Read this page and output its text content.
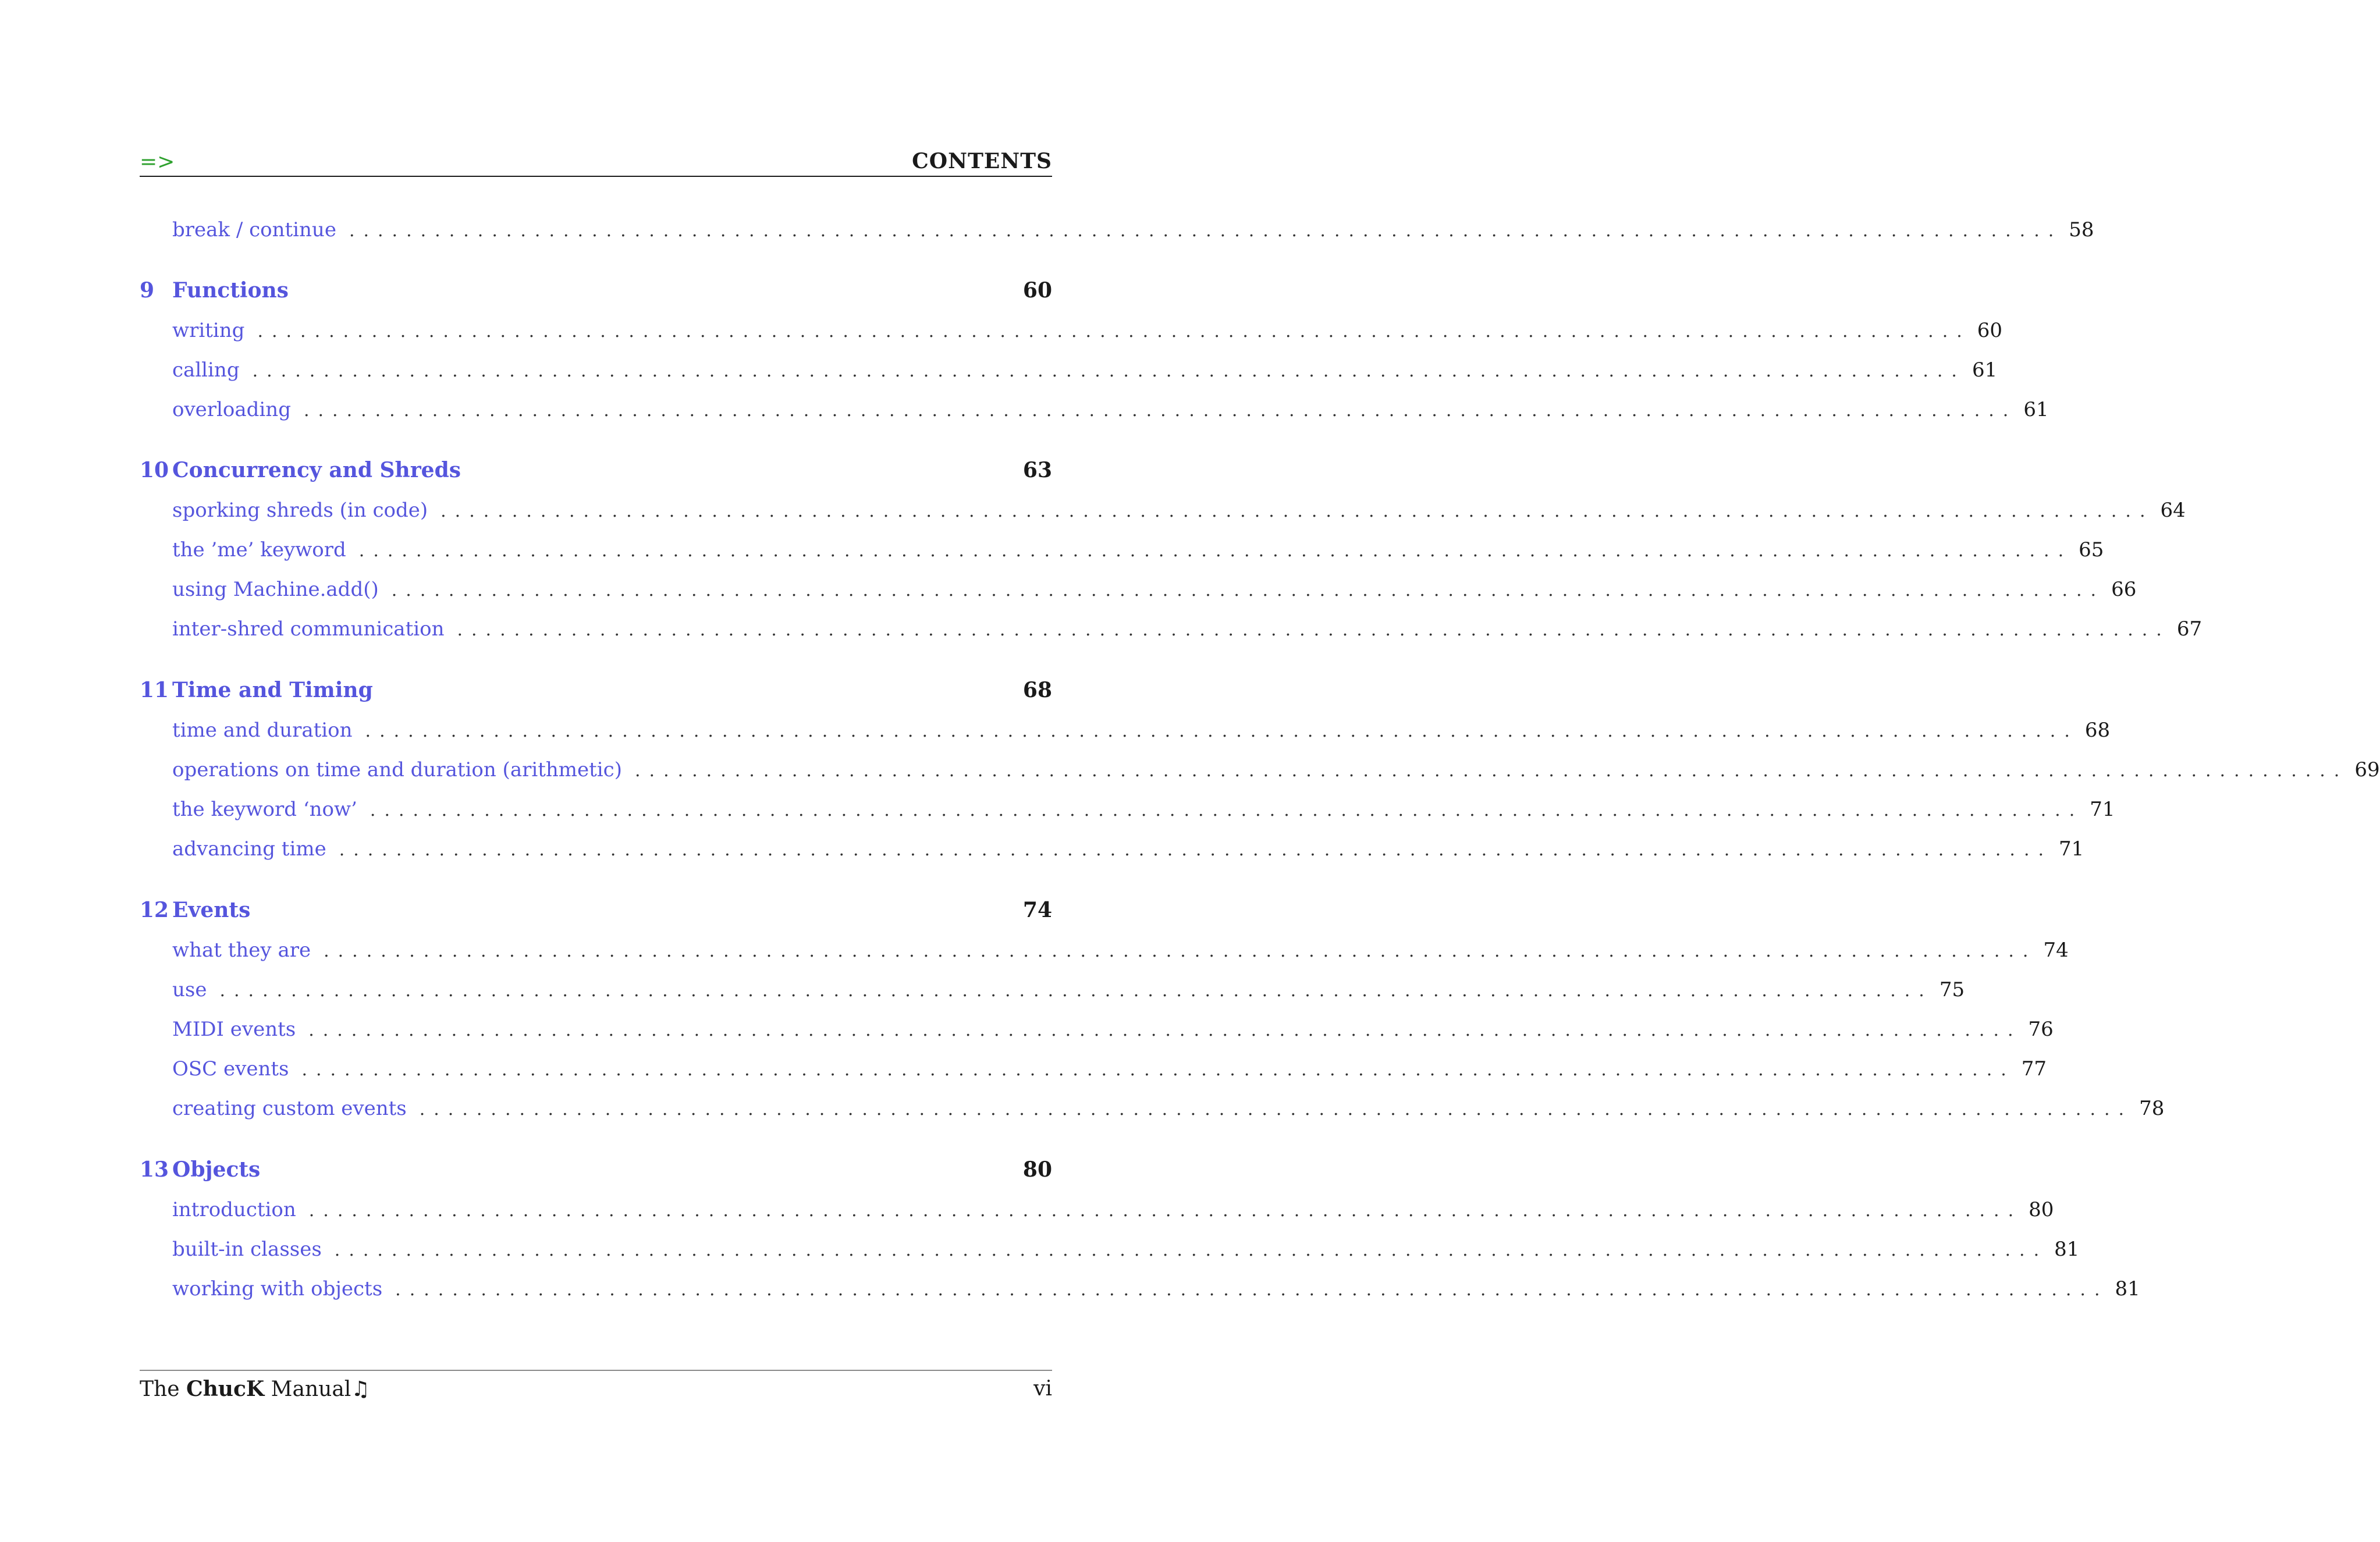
=>	CONTENTS
break / continue . . . . . . . . . . . . . . . . . . . . . . . . . . . . . . . . . . . . . . . . . . . . . . . . . . . . . . . . . . . . . . . . . . . . . . . . . . . . . . . . . . . . . . . . . . . . . . . . . . . . . . . . . . . . . . . . . . . . . . . . 58
9 Functions	60
writing . . . . . . . . . . . . . . . . . . . . . . . . . . . . . . . . . . . . . . . . . . . . . . . . . . . . . . . . . . . . . . . . . . . . . . . . . . . . . . . . . . . . . . . . . . . . . . . . . . . . . . . . . . . . . . . . . . . . . . . . 60
calling . . . . . . . . . . . . . . . . . . . . . . . . . . . . . . . . . . . . . . . . . . . . . . . . . . . . . . . . . . . . . . . . . . . . . . . . . . . . . . . . . . . . . . . . . . . . . . . . . . . . . . . . . . . . . . . . . . . . . . . . 61
overloading . . . . . . . . . . . . . . . . . . . . . . . . . . . . . . . . . . . . . . . . . . . . . . . . . . . . . . . . . . . . . . . . . . . . . . . . . . . . . . . . . . . . . . . . . . . . . . . . . . . . . . . . . . . . . . . . . . . . . . . . 61
10 Concurrency and Shreds	63
sporking shreds (in code) . . . . . . . . . . . . . . . . . . . . . . . . . . . . . . . . . . . . . . . . . . . . . . . . . . . . . . . . . . . . . . . . . . . . . . . . . . . . . . . . . . . . . . . . . . . . . . . . . . . . . . . . . . . . . . . . . . . . . . . . 64
the ’me’ keyword . . . . . . . . . . . . . . . . . . . . . . . . . . . . . . . . . . . . . . . . . . . . . . . . . . . . . . . . . . . . . . . . . . . . . . . . . . . . . . . . . . . . . . . . . . . . . . . . . . . . . . . . . . . . . . . . . . . . . . . . 65
using Machine.add() . . . . . . . . . . . . . . . . . . . . . . . . . . . . . . . . . . . . . . . . . . . . . . . . . . . . . . . . . . . . . . . . . . . . . . . . . . . . . . . . . . . . . . . . . . . . . . . . . . . . . . . . . . . . . . . . . . . . . . . . 66
inter-shred communication . . . . . . . . . . . . . . . . . . . . . . . . . . . . . . . . . . . . . . . . . . . . . . . . . . . . . . . . . . . . . . . . . . . . . . . . . . . . . . . . . . . . . . . . . . . . . . . . . . . . . . . . . . . . . . . . . . . . . . . . 67
11 Time and Timing	68
time and duration . . . . . . . . . . . . . . . . . . . . . . . . . . . . . . . . . . . . . . . . . . . . . . . . . . . . . . . . . . . . . . . . . . . . . . . . . . . . . . . . . . . . . . . . . . . . . . . . . . . . . . . . . . . . . . . . . . . . . . . . 68
operations on time and duration (arithmetic) . . . . . . . . . . . . . . . . . . . . . . . . . . . . . . . . . . . . . . . . . . . . . . . . . . . . . . . . . . . . . . . . . . . . . . . . . . . . . . . . . . . . . . . . . . . . . . . . . . . . . . . . . . . . . . . . . . . . . . . . 69
the keyword ‘now’ . . . . . . . . . . . . . . . . . . . . . . . . . . . . . . . . . . . . . . . . . . . . . . . . . . . . . . . . . . . . . . . . . . . . . . . . . . . . . . . . . . . . . . . . . . . . . . . . . . . . . . . . . . . . . . . . . . . . . . . . 71
advancing time . . . . . . . . . . . . . . . . . . . . . . . . . . . . . . . . . . . . . . . . . . . . . . . . . . . . . . . . . . . . . . . . . . . . . . . . . . . . . . . . . . . . . . . . . . . . . . . . . . . . . . . . . . . . . . . . . . . . . . . . 71
12 Events	74
what they are . . . . . . . . . . . . . . . . . . . . . . . . . . . . . . . . . . . . . . . . . . . . . . . . . . . . . . . . . . . . . . . . . . . . . . . . . . . . . . . . . . . . . . . . . . . . . . . . . . . . . . . . . . . . . . . . . . . . . . . . 74
use . . . . . . . . . . . . . . . . . . . . . . . . . . . . . . . . . . . . . . . . . . . . . . . . . . . . . . . . . . . . . . . . . . . . . . . . . . . . . . . . . . . . . . . . . . . . . . . . . . . . . . . . . . . . . . . . . . . . . . . . 75
MIDI events . . . . . . . . . . . . . . . . . . . . . . . . . . . . . . . . . . . . . . . . . . . . . . . . . . . . . . . . . . . . . . . . . . . . . . . . . . . . . . . . . . . . . . . . . . . . . . . . . . . . . . . . . . . . . . . . . . . . . . . . 76
OSC events . . . . . . . . . . . . . . . . . . . . . . . . . . . . . . . . . . . . . . . . . . . . . . . . . . . . . . . . . . . . . . . . . . . . . . . . . . . . . . . . . . . . . . . . . . . . . . . . . . . . . . . . . . . . . . . . . . . . . . . . 77
creating custom events . . . . . . . . . . . . . . . . . . . . . . . . . . . . . . . . . . . . . . . . . . . . . . . . . . . . . . . . . . . . . . . . . . . . . . . . . . . . . . . . . . . . . . . . . . . . . . . . . . . . . . . . . . . . . . . . . . . . . . . . 78
13 Objects	80
introduction . . . . . . . . . . . . . . . . . . . . . . . . . . . . . . . . . . . . . . . . . . . . . . . . . . . . . . . . . . . . . . . . . . . . . . . . . . . . . . . . . . . . . . . . . . . . . . . . . . . . . . . . . . . . . . . . . . . . . . . . 80
built-in classes . . . . . . . . . . . . . . . . . . . . . . . . . . . . . . . . . . . . . . . . . . . . . . . . . . . . . . . . . . . . . . . . . . . . . . . . . . . . . . . . . . . . . . . . . . . . . . . . . . . . . . . . . . . . . . . . . . . . . . . . 81
working with objects . . . . . . . . . . . . . . . . . . . . . . . . . . . . . . . . . . . . . . . . . . . . . . . . . . . . . . . . . . . . . . . . . . . . . . . . . . . . . . . . . . . . . . . . . . . . . . . . . . . . . . . . . . . . . . . . . . . . . . . . 81
The ChucK Manual♫	vi
